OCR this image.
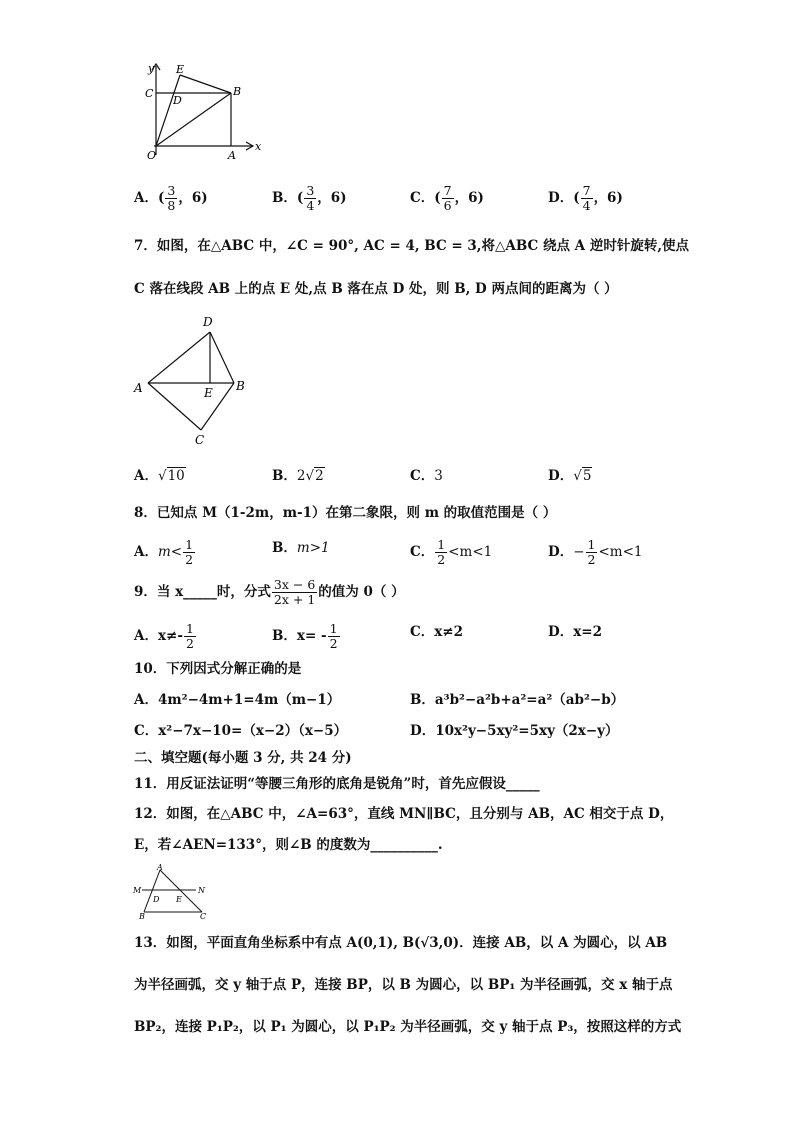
y
x
E
C
D
B
O	A
A．( $\frac{3}{8}$ ，6)	B．( $\frac{3}{4}$ ，6)	C．( $\frac{7}{6}$ ，6)	D．( $\frac{7}{4}$ ，6)
7．如图，在△ABC 中，∠C = 90°, AC = 4, BC = 3,将△ABC 绕点 A 逆时针旋转,使点
C 落在线段 AB 上的点 E 处,点 B 落在点 D 处，则 B, D 两点间的距离为（ ）
D
A	E B
C
A．√10	B．2√2	C．3	D．√5
8．已知点 M（1-2m，m-1）在第二象限，则 m 的取值范围是（ ）
A．$m< \frac{1}{2}$	B．m>1	C． $\frac{1}{2} <m<1$	D．− $\frac{1}{2} <m<1$
9．当 x_____时，分式 $\frac{3x - 6}{2x + 1}$ 的值为 0（ ）
A．$x\ne- \frac{1}{2}$	B．$x= - \frac{1}{2}$	C．x≠2	D．x=2
10．下列因式分解正确的是
A．4m²−4m+1=4m（m−1）	B．a³b²−a²b+a²=a²（ab²−b）
C．x²−7x−10=（x−2）（x−5）	D．10x²y−5xy²=5xy（2x−y）
二、填空题(每小题 3 分, 共 24 分)
11．用反证法证明“等腰三角形的底角是锐角”时，首先应假设_____
12．如图，在△ABC 中，∠A=63°，直线 MN∥BC，且分别与 AB，AC 相交于点 D，
E，若∠AEN=133°，则∠B 的度数为__________.
A
M	N
D E
B	C
13．如图，平面直角坐标系中有点 A(0,1), B(√3,0)．连接 AB，以 A 为圆心，以 AB
为半径画弧，交 y 轴于点 P，连接 BP，以 B 为圆心，以 BP₁ 为半径画弧，交 x 轴于点
BP₂，连接 P₁P₂，以 P₁ 为圆心，以 P₁P₂ 为半径画弧，交 y 轴于点 P₃，按照这样的方式
